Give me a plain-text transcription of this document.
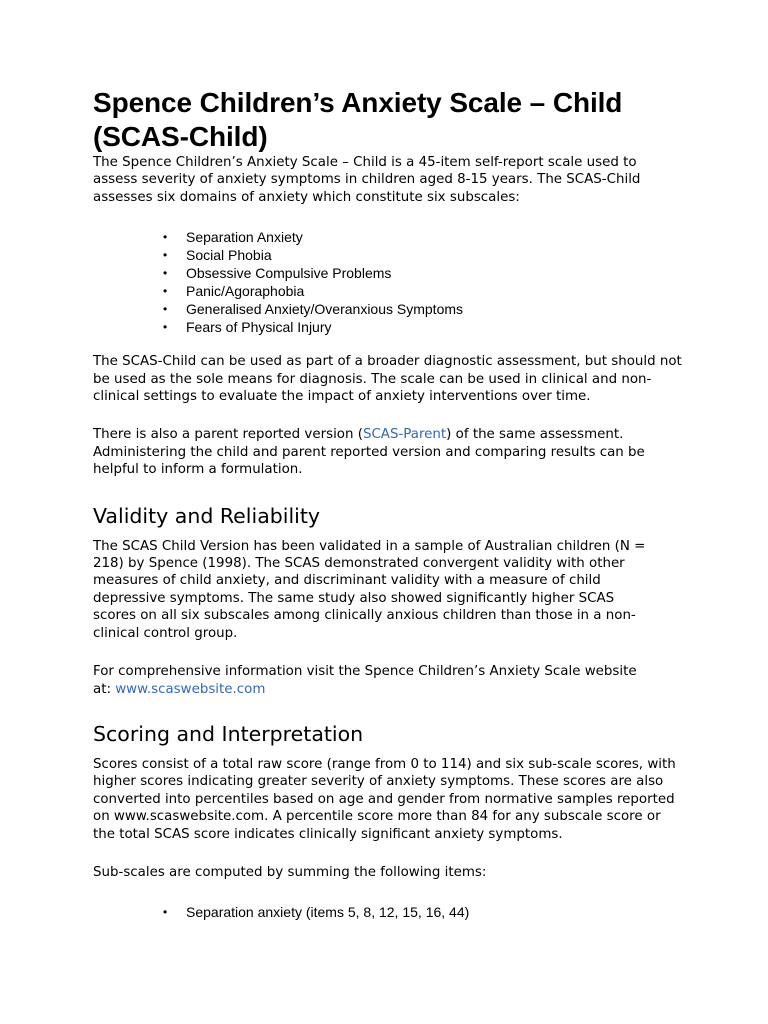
Spence Children’s Anxiety Scale – Child (SCAS-Child)

The Spence Children’s Anxiety Scale – Child is a 45-item self-report scale used to assess severity of anxiety symptoms in children aged 8-15 years. The SCAS-Child assesses six domains of anxiety which constitute six subscales:

• Separation Anxiety
• Social Phobia
• Obsessive Compulsive Problems
• Panic/Agoraphobia
• Generalised Anxiety/Overanxious Symptoms
• Fears of Physical Injury

The SCAS-Child can be used as part of a broader diagnostic assessment, but should not be used as the sole means for diagnosis. The scale can be used in clinical and non-clinical settings to evaluate the impact of anxiety interventions over time.

There is also a parent reported version (SCAS-Parent) of the same assessment. Administering the child and parent reported version and comparing results can be helpful to inform a formulation.

Validity and Reliability

The SCAS Child Version has been validated in a sample of Australian children (N = 218) by Spence (1998). The SCAS demonstrated convergent validity with other measures of child anxiety, and discriminant validity with a measure of child depressive symptoms. The same study also showed significantly higher SCAS scores on all six subscales among clinically anxious children than those in a non-clinical control group.

For comprehensive information visit the Spence Children’s Anxiety Scale website at: www.scaswebsite.com

Scoring and Interpretation

Scores consist of a total raw score (range from 0 to 114) and six sub-scale scores, with higher scores indicating greater severity of anxiety symptoms. These scores are also converted into percentiles based on age and gender from normative samples reported on www.scaswebsite.com. A percentile score more than 84 for any subscale score or the total SCAS score indicates clinically significant anxiety symptoms.

Sub-scales are computed by summing the following items:

• Separation anxiety (items 5, 8, 12, 15, 16, 44)
